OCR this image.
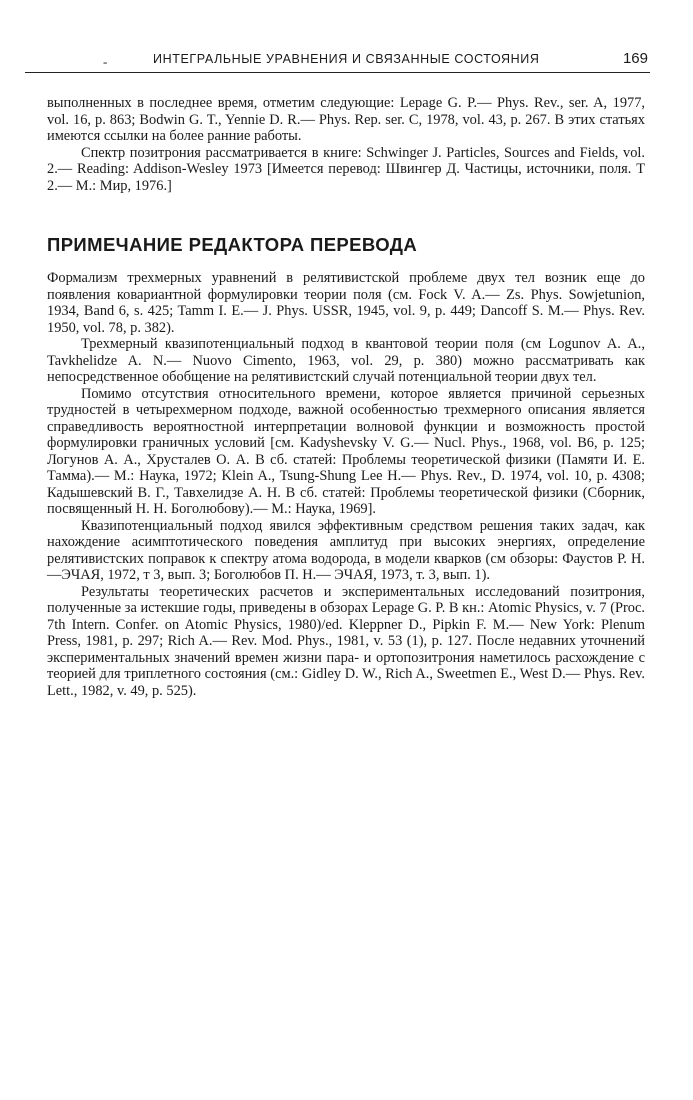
-	ИНТЕГРАЛЬНЫЕ УРАВНЕНИЯ И СВЯЗАННЫЕ СОСТОЯНИЯ	169

выполненных в последнее время, отметим следующие: Lepage G. P.— Phys. Rev., ser. A, 1977, vol. 16, p. 863; Bodwin G. T., Yennie D. R.— Phys. Rep. ser. C, 1978, vol. 43, p. 267. В этих статьях имеются ссылки на более ранние работы.

Спектр позитрония рассматривается в книге: Schwinger J. Particles, Sources and Fields, vol. 2.— Reading: Addison-Wesley 1973 [Имеется перевод: Швингер Д. Частицы, источники, поля. Т 2.— М.: Мир, 1976.]

ПРИМЕЧАНИЕ РЕДАКТОРА ПЕРЕВОДА

Формализм трехмерных уравнений в релятивистской проблеме двух тел возник еще до появления ковариантной формулировки теории поля (см. Fock V. A.— Zs. Phys. Sowjetunion, 1934, Band 6, s. 425; Tamm I. E.— J. Phys. USSR, 1945, vol. 9, p. 449; Dancoff S. M.— Phys. Rev. 1950, vol. 78, p. 382).

Трехмерный квазипотенциальный подход в квантовой теории поля (см Logunov A. A., Tavkhelidze A. N.— Nuovo Cimento, 1963, vol. 29, p. 380) можно рассматривать как непосредственное обобщение на релятивистский случай потенциальной теории двух тел.

Помимо отсутствия относительного времени, которое является причиной серьезных трудностей в четырехмерном подходе, важной особенностью трехмерного описания является справедливость вероятностной интерпретации волновой функции и возможность простой формулировки граничных условий [см. Kadyshevsky V. G.— Nucl. Phys., 1968, vol. B6, p. 125; Логунов А. А., Хрусталев О. А. В сб. статей: Проблемы теоретической физики (Памяти И. Е. Тамма).— М.: Наука, 1972; Klein A., Tsung-Shung Lee H.— Phys. Rev., D. 1974, vol. 10, p. 4308; Кадышевский В. Г., Тавхелидзе А. Н. В сб. статей: Проблемы теоретической физики (Сборник, посвященный Н. Н. Боголюбову).— М.: Наука, 1969].

Квазипотенциальный подход явился эффективным средством решения таких задач, как нахождение асимптотического поведения амплитуд при высоких энергиях, определение релятивистских поправок к спектру атома водорода, в модели кварков (см обзоры: Фаустов Р. Н.—ЭЧАЯ, 1972, т 3, вып. 3; Боголюбов П. Н.— ЭЧАЯ, 1973, т. 3, вып. 1).

Результаты теоретических расчетов и экспериментальных исследований позитрония, полученные за истекшие годы, приведены в обзорах Lepage G. P. В кн.: Atomic Physics, v. 7 (Proc. 7th Intern. Confer. on Atomic Physics, 1980)/ed. Kleppner D., Pipkin F. M.— New York: Plenum Press, 1981, p. 297; Rich A.— Rev. Mod. Phys., 1981, v. 53 (1), p. 127. После недавних уточнений экспериментальных значений времен жизни пара- и ортопозитрония наметилось расхождение с теорией для триплетного состояния (см.: Gidley D. W., Rich A., Sweetmen E., West D.— Phys. Rev. Lett., 1982, v. 49, p. 525).
